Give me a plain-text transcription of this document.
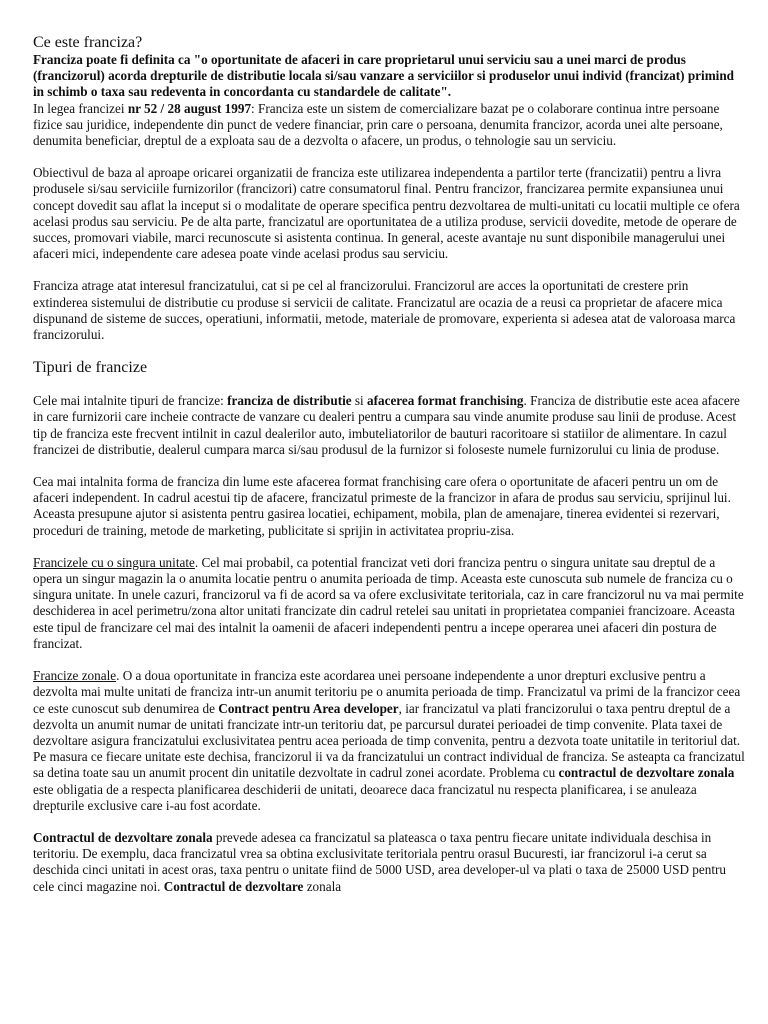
Ce este franciza?

Franciza poate fi definita ca "o oportunitate de afaceri in care proprietarul unui serviciu sau a unei marci de produs (francizorul) acorda drepturile de distributie locala si/sau vanzare a serviciilor si produselor unui individ (francizat) primind in schimb o taxa sau redeventa in concordanta cu standardele de calitate".

In legea francizei nr 52 / 28 august 1997: Franciza este un sistem de comercializare bazat pe o colaborare continua intre persoane fizice sau juridice, independente din punct de vedere financiar, prin care o persoana, denumita francizor, acorda unei alte persoane, denumita beneficiar, dreptul de a exploata sau de a dezvolta o afacere, un produs, o tehnologie sau un serviciu.

Obiectivul de baza al aproape oricarei organizatii de franciza este utilizarea independenta a partilor terte (francizatii) pentru a livra produsele si/sau serviciile furnizorilor (francizori) catre consumatorul final. Pentru francizor, francizarea permite expansiunea unui concept dovedit sau aflat la inceput si o modalitate de operare specifica pentru dezvoltarea de multi-unitati cu locatii multiple ce ofera acelasi produs sau serviciu. Pe de alta parte, francizatul are oportunitatea de a utiliza produse, servicii dovedite, metode de operare de succes, promovari viabile, marci recunoscute si asistenta continua. In general, aceste avantaje nu sunt disponibile managerului unei afaceri mici, independente care adesea poate vinde acelasi produs sau serviciu.

Franciza atrage atat interesul francizatului, cat si pe cel al francizorului. Francizorul are acces la oportunitati de crestere prin extinderea sistemului de distributie cu produse si servicii de calitate. Francizatul are ocazia de a reusi ca proprietar de afacere mica dispunand de sisteme de succes, operatiuni, informatii, metode, materiale de promovare, experienta si adesea atat de valoroasa marca francizorului.

Tipuri de francize

Cele mai intalnite tipuri de francize: franciza de distributie si afacerea format franchising. Franciza de distributie este acea afacere in care furnizorii care incheie contracte de vanzare cu dealeri pentru a cumpara sau vinde anumite produse sau linii de produse. Acest tip de franciza este frecvent intilnit in cazul dealerilor auto, imbuteliatorilor de bauturi racoritoare si statiilor de alimentare. In cazul francizei de distributie, dealerul cumpara marca si/sau produsul de la furnizor si foloseste numele furnizorului cu linia de produse.

Cea mai intalnita forma de franciza din lume este afacerea format franchising care ofera o oportunitate de afaceri pentru un om de afaceri independent. In cadrul acestui tip de afacere, francizatul primeste de la francizor in afara de produs sau serviciu, sprijinul lui. Aceasta presupune ajutor si asistenta pentru gasirea locatiei, echipament, mobila, plan de amenajare, tinerea evidentei si rezervari, proceduri de training, metode de marketing, publicitate si sprijin in activitatea propriu-zisa.

Francizele cu o singura unitate. Cel mai probabil, ca potential francizat veti dori franciza pentru o singura unitate sau dreptul de a opera un singur magazin la o anumita locatie pentru o anumita perioada de timp. Aceasta este cunoscuta sub numele de franciza cu o singura unitate. In unele cazuri, francizorul va fi de acord sa va ofere exclusivitate teritoriala, caz in care francizorul nu va mai permite deschiderea in acel perimetru/zona altor unitati francizate din cadrul retelei sau unitati in proprietatea companiei francizoare. Aceasta este tipul de francizare cel mai des intalnit la oamenii de afaceri independenti pentru a incepe operarea unei afaceri din postura de francizat.

Francize zonale. O a doua oportunitate in franciza este acordarea unei persoane independente a unor drepturi exclusive pentru a dezvolta mai multe unitati de franciza intr-un anumit teritoriu pe o anumita perioada de timp. Francizatul va primi de la francizor ceea ce este cunoscut sub denumirea de Contract pentru Area developer, iar francizatul va plati francizorului o taxa pentru dreptul de a dezvolta un anumit numar de unitati francizate intr-un teritoriu dat, pe parcursul duratei perioadei de timp convenite. Plata taxei de dezvoltare asigura francizatului exclusivitatea pentru acea perioada de timp convenita, pentru a dezvota toate unitatile in teritoriul dat. Pe masura ce fiecare unitate este dechisa, francizorul ii va da francizatului un contract individual de franciza. Se asteapta ca francizatul sa detina toate sau un anumit procent din unitatile dezvoltate in cadrul zonei acordate. Problema cu contractul de dezvoltare zonala este obligatia de a respecta planificarea deschiderii de unitati, deoarece daca francizatul nu respecta planificarea, i se anuleaza drepturile exclusive care i-au fost acordate.

Contractul de dezvoltare zonala prevede adesea ca francizatul sa plateasca o taxa pentru fiecare unitate individuala deschisa in teritoriu. De exemplu, daca francizatul vrea sa obtina exclusivitate teritoriala pentru orasul Bucuresti, iar francizorul i-a cerut sa deschida cinci unitati in acest oras, taxa pentru o unitate fiind de 5000 USD, area developer-ul va plati o taxa de 25000 USD pentru cele cinci magazine noi. Contractul de dezvoltare zonala
